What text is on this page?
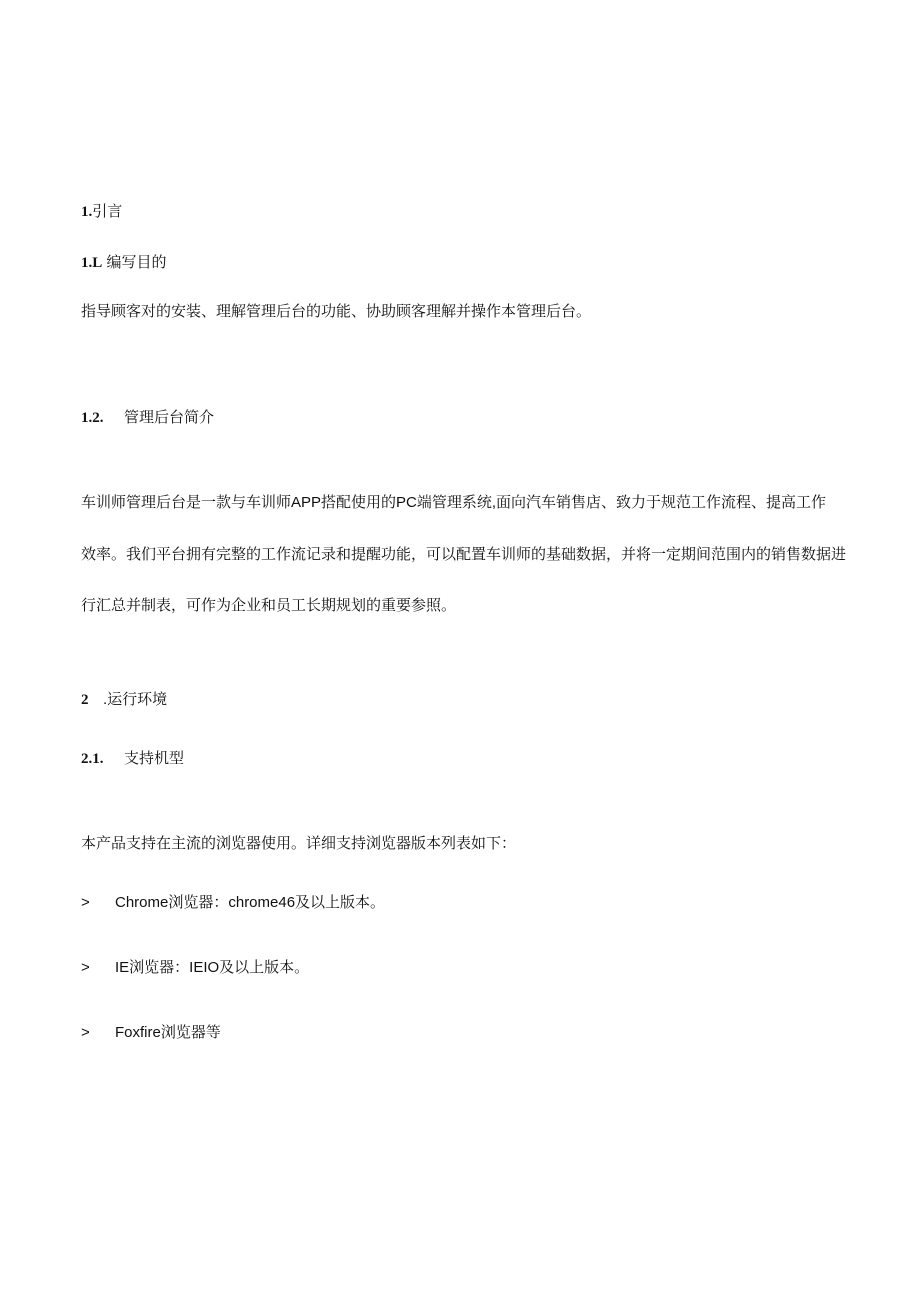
1.引言
1.L 编写目的
指导顾客对的安装、理解管理后台的功能、协助顾客理解并操作本管理后台。
1.2. 管理后台简介
车训师管理后台是一款与车训师APP搭配使用的PC端管理系统,面向汽车销售店、致力于规范工作流程、提高工作
效率。我们平台拥有完整的工作流记录和提醒功能，可以配置车训师的基础数据，并将一定期间范围内的销售数据进
行汇总并制表，可作为企业和员工长期规划的重要参照。
2 .运行环境
2.1. 支持机型
本产品支持在主流的浏览器使用。详细支持浏览器版本列表如下：
> Chrome浏览器：chrome46及以上版本。
> IE浏览器：IEIO及以上版本。
> Foxfire浏览器等
